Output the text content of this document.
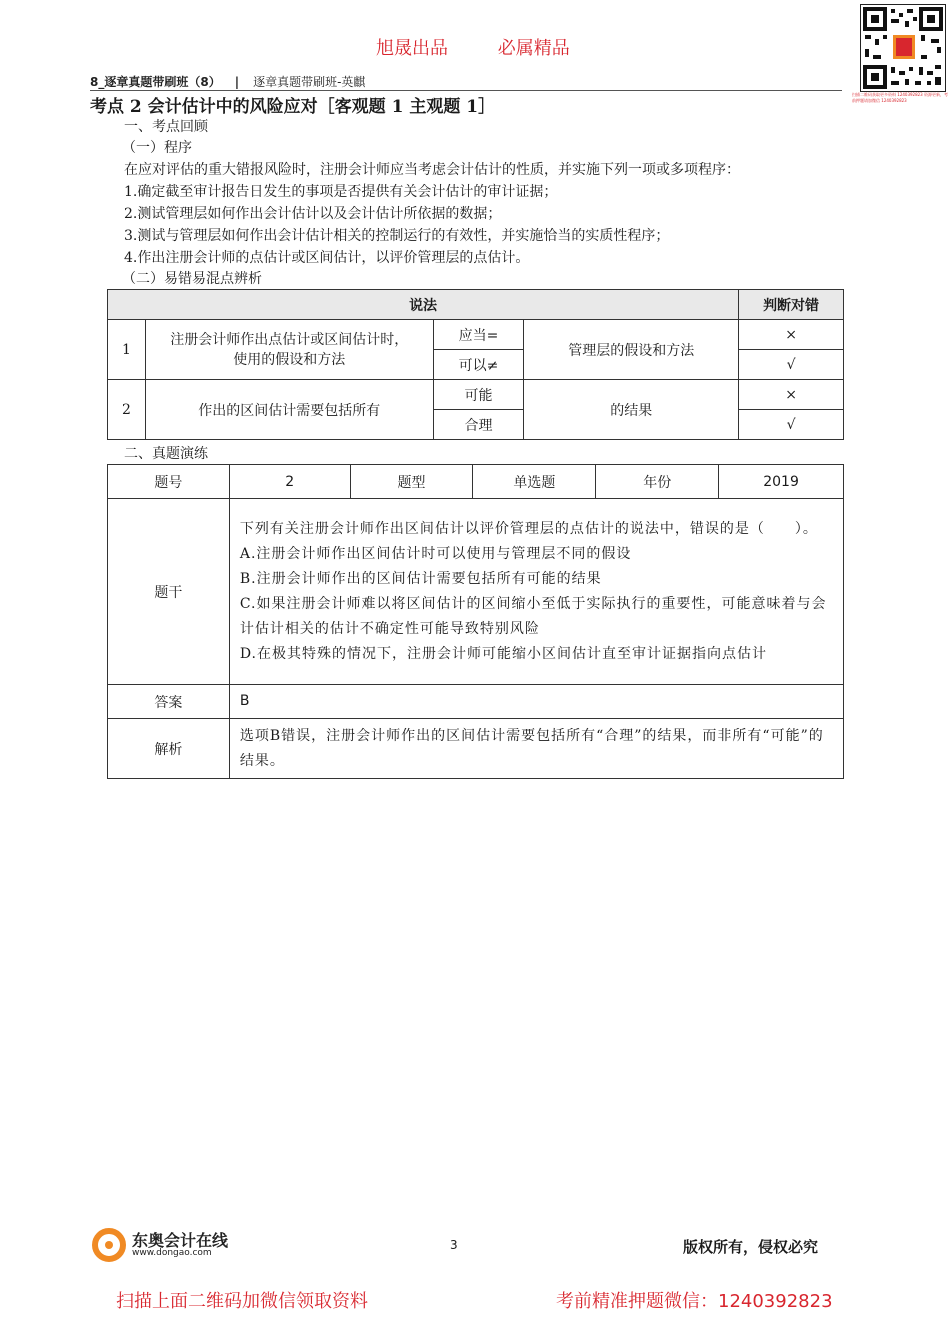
旭晟出品	必属精品
扫描二维码获取更多资料 1240392823 资源更新，考前押题请加微信 1240392823
8_逐章真题带刷班（8） | 逐章真题带刷班-英麒
考点 2 会计估计中的风险应对［客观题 1 主观题 1］
一、考点回顾
（一）程序
在应对评估的重大错报风险时，注册会计师应当考虑会计估计的性质，并实施下列一项或多项程序：
1.确定截至审计报告日发生的事项是否提供有关会计估计的审计证据；
2.测试管理层如何作出会计估计以及会计估计所依据的数据；
3.测试与管理层如何作出会计估计相关的控制运行的有效性，并实施恰当的实质性程序；
4.作出注册会计师的点估计或区间估计，以评价管理层的点估计。
（二）易错易混点辨析
说法				判断对错
1	注册会计师作出点估计或区间估计时，使用的假设和方法	应当=	管理层的假设和方法	×
		可以≠		√
2	作出的区间估计需要包括所有	可能	的结果	×
		合理		√
二、真题演练
题号	2	题型	单选题	年份	2019
题干	下列有关注册会计师作出区间估计以评价管理层的点估计的说法中，错误的是（　　）。
A.注册会计师作出区间估计时可以使用与管理层不同的假设
B.注册会计师作出的区间估计需要包括所有可能的结果
C.如果注册会计师难以将区间估计的区间缩小至低于实际执行的重要性，可能意味着与会计估计相关的估计不确定性可能导致特别风险
D.在极其特殊的情况下，注册会计师可能缩小区间估计直至审计证据指向点估计				

答案	B				
解析	选项B错误，注册会计师作出的区间估计需要包括所有“合理”的结果，而非所有“可能”的结果。				
东奥会计在线
www.dongao.com
3	版权所有，侵权必究
扫描上面二维码加微信领取资料	考前精准押题微信：1240392823
